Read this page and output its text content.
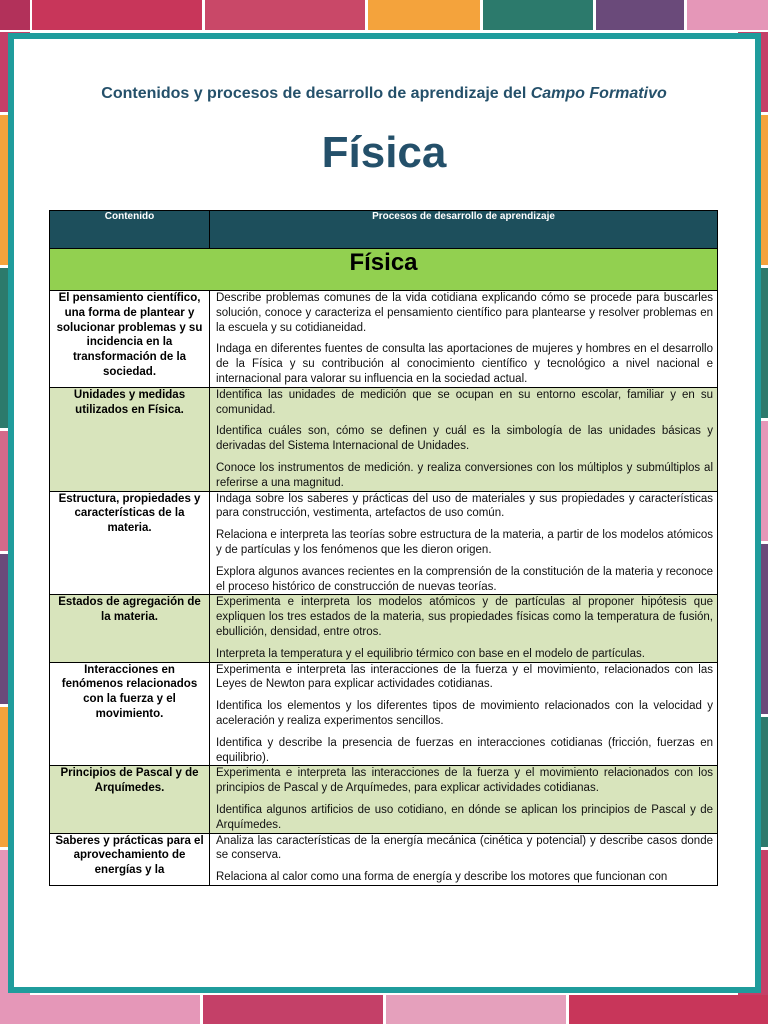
Contenidos y procesos de desarrollo de aprendizaje del Campo Formativo
Física
Contenido	Procesos de desarrollo de aprendizaje
Física	
El pensamiento científico, una forma de plantear y solucionar problemas y su incidencia en la transformación de la sociedad.	Describe problemas comunes de la vida cotidiana explicando cómo se procede para buscarles solución, conoce y caracteriza el pensamiento científico para plantearse y resolver problemas en la escuela y su cotidianeidad.

Indaga en diferentes fuentes de consulta las aportaciones de mujeres y hombres en el desarrollo de la Física y su contribución al conocimiento científico y tecnológico a nivel nacional e internacional para valorar su influencia en la sociedad actual.

Unidades y medidas utilizados en Física.	Identifica las unidades de medición que se ocupan en su entorno escolar, familiar y en su comunidad.

Identifica cuáles son, cómo se definen y cuál es la simbología de las unidades básicas y derivadas del Sistema Internacional de Unidades.

Conoce los instrumentos de medición. y realiza conversiones con los múltiplos y submúltiplos al referirse a una magnitud.

Estructura, propiedades y características de la materia.	Indaga sobre los saberes y prácticas del uso de materiales y sus propiedades y características para construcción, vestimenta, artefactos de uso común.

Relaciona e interpreta las teorías sobre estructura de la materia, a partir de los modelos atómicos y de partículas y los fenómenos que les dieron origen.

Explora algunos avances recientes en la comprensión de la constitución de la materia y reconoce el proceso histórico de construcción de nuevas teorías.

Estados de agregación de la materia.	Experimenta e interpreta los modelos atómicos y de partículas al proponer hipótesis que expliquen los tres estados de la materia, sus propiedades físicas como la temperatura de fusión, ebullición, densidad, entre otros.

Interpreta la temperatura y el equilibrio térmico con base en el modelo de partículas.

Interacciones en fenómenos relacionados con la fuerza y el movimiento.	Experimenta e interpreta las interacciones de la fuerza y el movimiento, relacionados con las Leyes de Newton para explicar actividades cotidianas.

Identifica los elementos y los diferentes tipos de movimiento relacionados con la velocidad y aceleración y realiza experimentos sencillos.

Identifica y describe la presencia de fuerzas en interacciones cotidianas (fricción, fuerzas en equilibrio).

Principios de Pascal y de Arquímedes.	Experimenta e interpreta las interacciones de la fuerza y el movimiento relacionados con los principios de Pascal y de Arquímedes, para explicar actividades cotidianas.

Identifica algunos artificios de uso cotidiano, en dónde se aplican los principios de Pascal y de Arquímedes.

Saberes y prácticas para el aprovechamiento de energías y la	Analiza las características de la energía mecánica (cinética y potencial) y describe casos donde se conserva.

Relaciona al calor como una forma de energía y describe los motores que funcionan con
